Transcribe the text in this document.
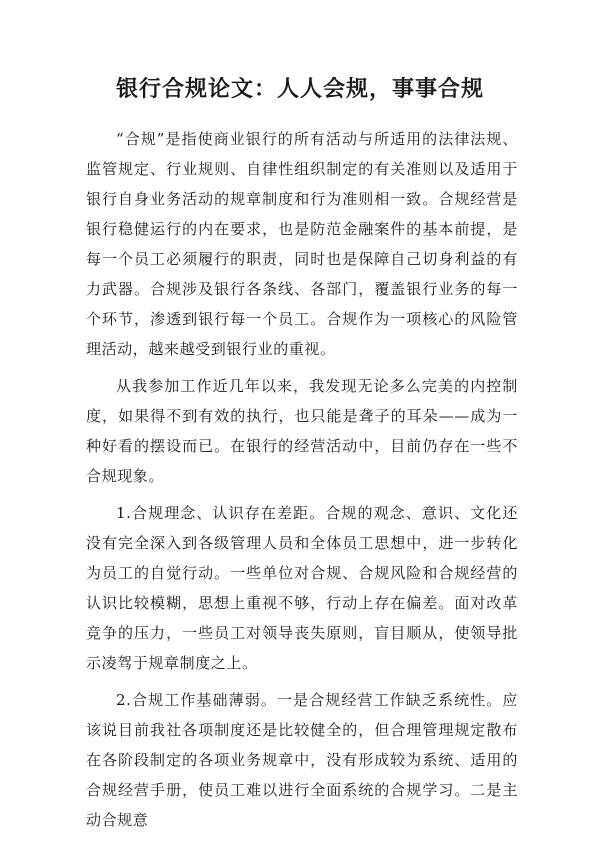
银行合规论文：人人会规，事事合规

“合规”是指使商业银行的所有活动与所适用的法律法规、监管规定、行业规则、自律性组织制定的有关准则以及适用于银行自身业务活动的规章制度和行为准则相一致。合规经营是银行稳健运行的内在要求，也是防范金融案件的基本前提，是每一个员工必须履行的职责，同时也是保障自己切身利益的有力武器。合规涉及银行各条线、各部门，覆盖银行业务的每一个环节，渗透到银行每一个员工。合规作为一项核心的风险管理活动，越来越受到银行业的重视。

从我参加工作近几年以来，我发现无论多么完美的内控制度，如果得不到有效的执行，也只能是聋子的耳朵——成为一种好看的摆设而已。在银行的经营活动中，目前仍存在一些不合规现象。

1.合规理念、认识存在差距。合规的观念、意识、文化还没有完全深入到各级管理人员和全体员工思想中，进一步转化为员工的自觉行动。一些单位对合规、合规风险和合规经营的认识比较模糊，思想上重视不够，行动上存在偏差。面对改革竞争的压力，一些员工对领导丧失原则，盲目顺从，使领导批示凌驾于规章制度之上。

2.合规工作基础薄弱。一是合规经营工作缺乏系统性。应该说目前我社各项制度还是比较健全的，但合理管理规定散布在各阶段制定的各项业务规章中，没有形成较为系统、适用的合规经营手册，使员工难以进行全面系统的合规学习。二是主动合规意
